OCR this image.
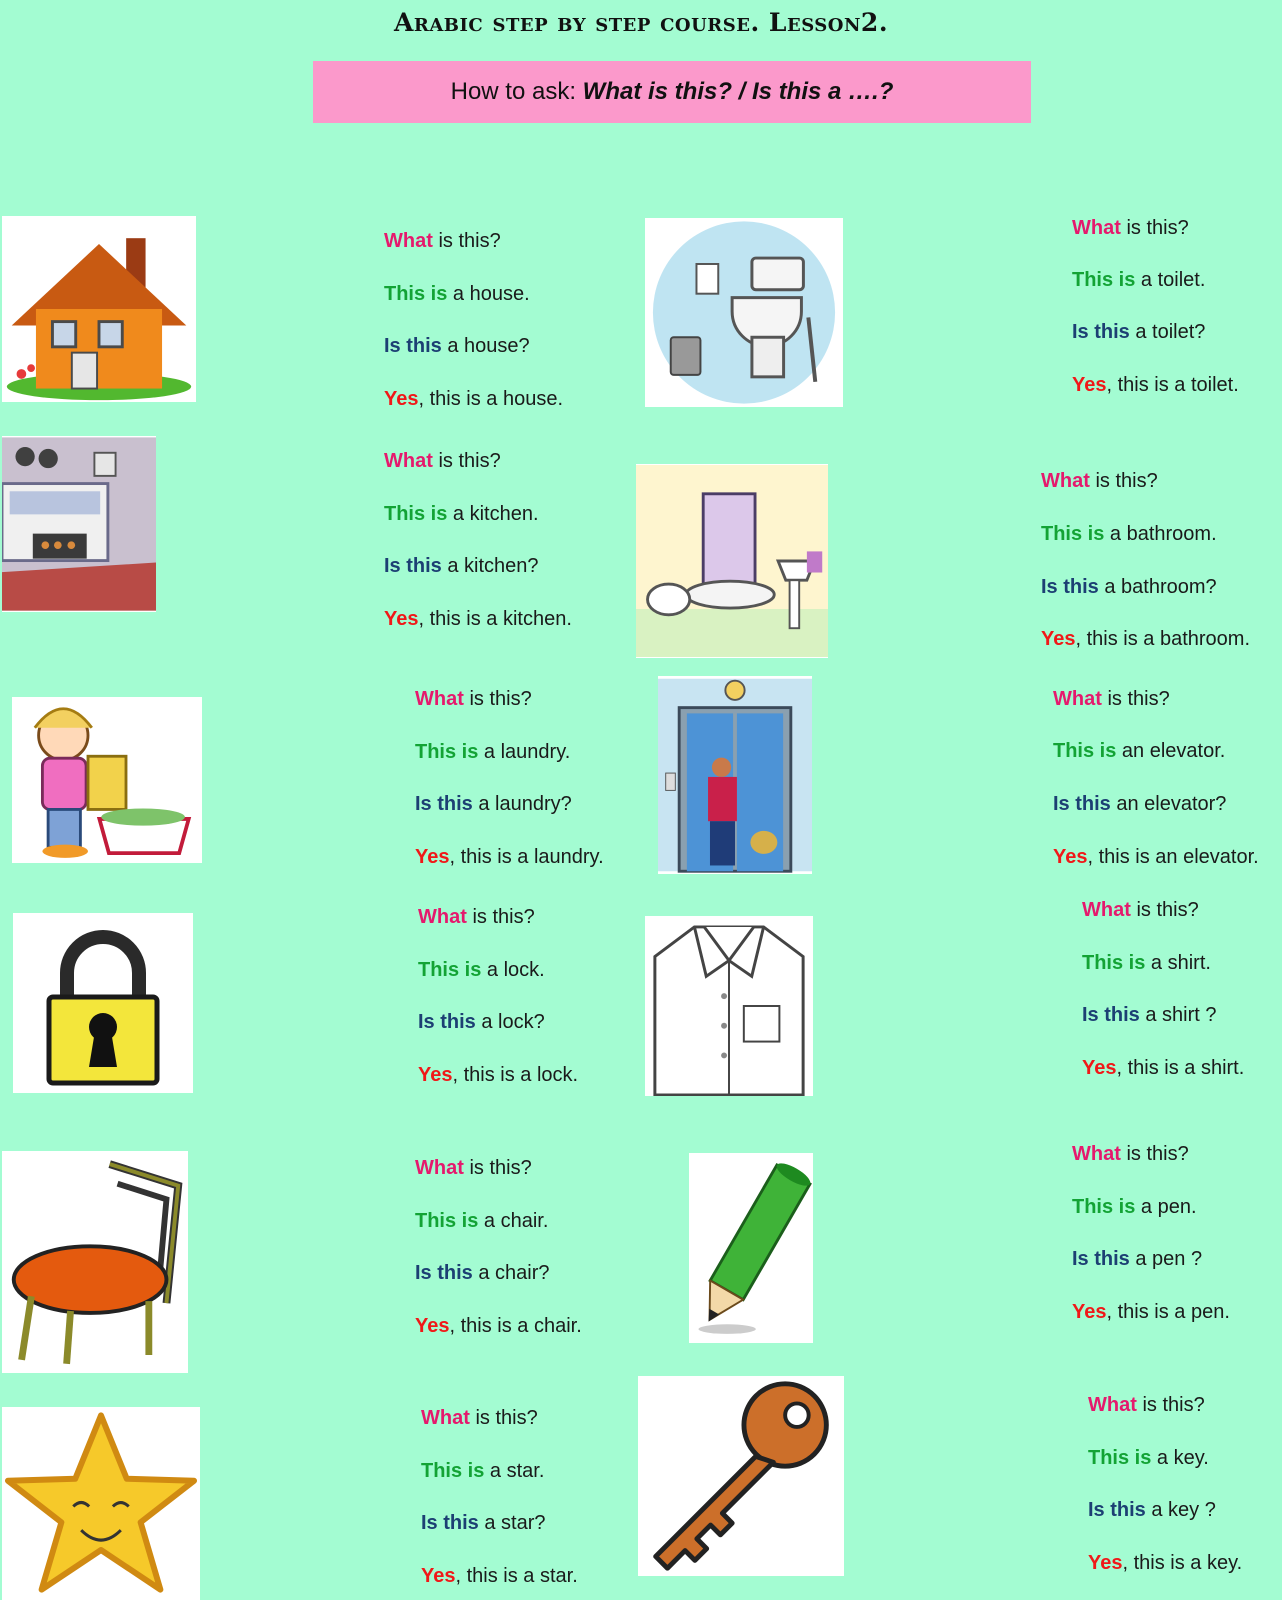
Arabic step by step course. Lesson2.
How to ask: What is this? / Is this a ….?
What is this?
This is a house.
Is this a house?
Yes, this is a house.
What is this?
This is a toilet.
Is this a toilet?
Yes, this is a toilet.
What is this?
This is a kitchen.
Is this a kitchen?
Yes, this is a kitchen.
What is this?
This is a bathroom.
Is this a bathroom?
Yes, this is a bathroom.
What is this?
This is a laundry.
Is this a laundry?
Yes, this is a laundry.
What is this?
This is an elevator.
Is this an elevator?
Yes, this is an elevator.
What is this?
This is a lock.
Is this a lock?
Yes, this is a lock.
What is this?
This is a shirt.
Is this a shirt ?
Yes, this is a shirt.
What is this?
This is a chair.
Is this a chair?
Yes, this is a chair.
What is this?
This is a pen.
Is this a pen ?
Yes, this is a pen.
What is this?
This is a star.
Is this a star?
Yes, this is a star.
What is this?
This is a key.
Is this a key ?
Yes, this is a key.
